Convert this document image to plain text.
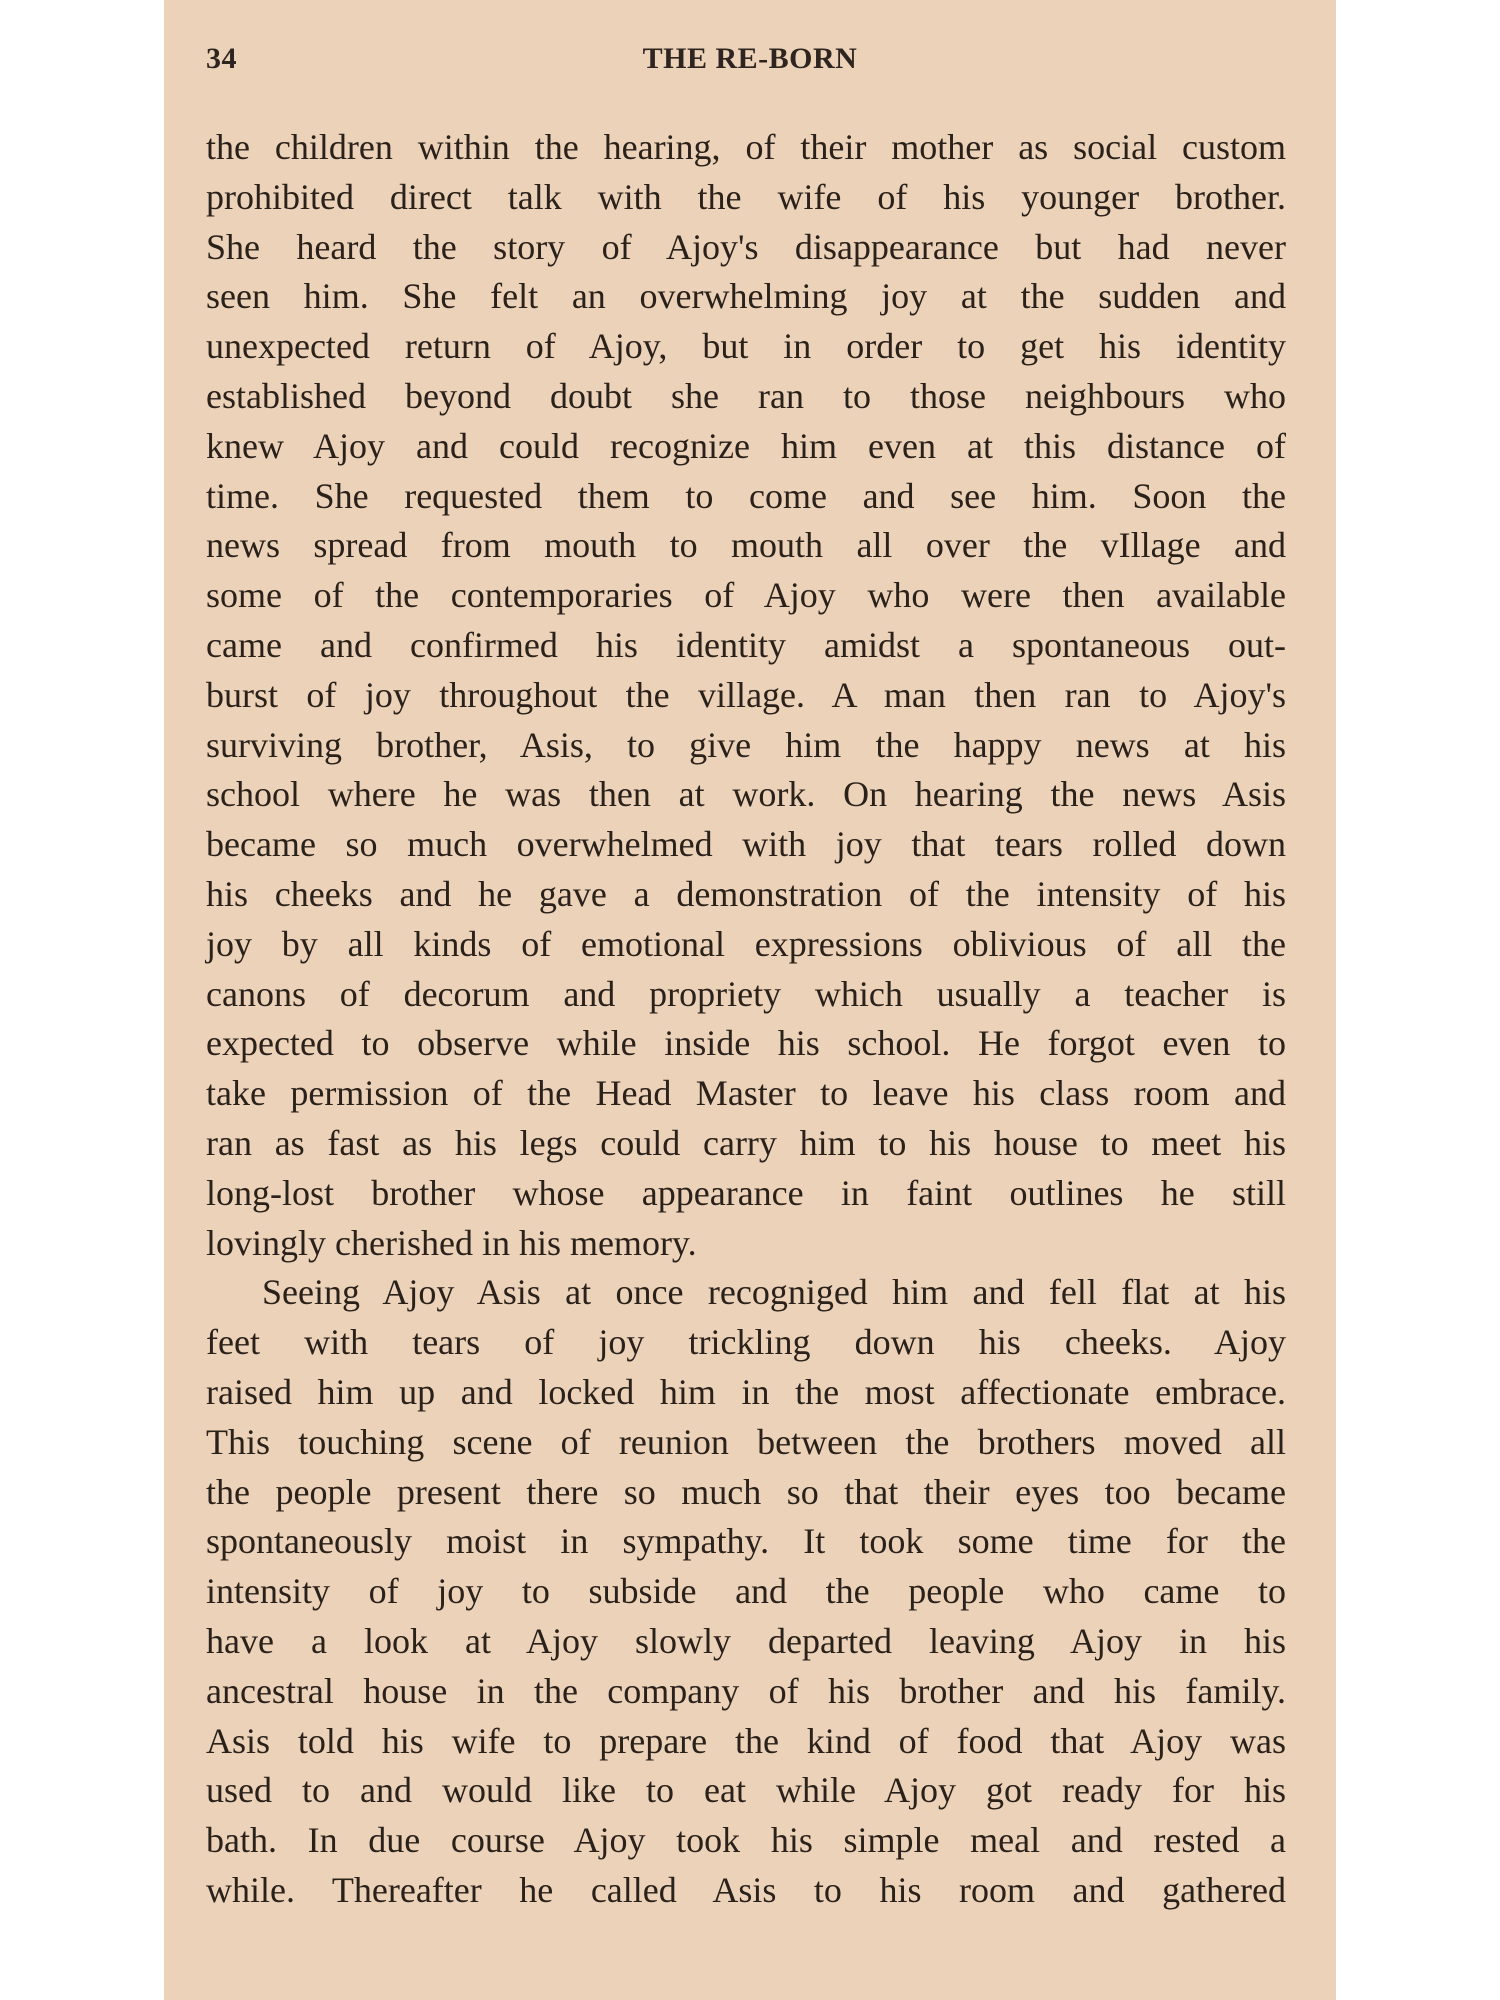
34	THE RE-BORN
the children within the hearing, of their mother as social custom
prohibited direct talk with the wife of his younger brother.
She heard the story of Ajoy's disappearance but had never
seen him. She felt an overwhelming joy at the sudden and
unexpected return of Ajoy, but in order to get his identity
established beyond doubt she ran to those neighbours who
knew Ajoy and could recognize him even at this distance of
time. She requested them to come and see him. Soon the
news spread from mouth to mouth all over the vIllage and
some of the contemporaries of Ajoy who were then available
came and confirmed his identity amidst a spontaneous out-
burst of joy throughout the village. A man then ran to Ajoy's
surviving brother, Asis, to give him the happy news at his
school where he was then at work. On hearing the news Asis
became so much overwhelmed with joy that tears rolled down
his cheeks and he gave a demonstration of the intensity of his
joy by all kinds of emotional expressions oblivious of all the
canons of decorum and propriety which usually a teacher is
expected to observe while inside his school. He forgot even to
take permission of the Head Master to leave his class room and
ran as fast as his legs could carry him to his house to meet his
long-lost brother whose appearance in faint outlines he still
lovingly cherished in his memory.
Seeing Ajoy Asis at once recogniged him and fell flat at his
feet with tears of joy trickling down his cheeks. Ajoy
raised him up and locked him in the most affectionate embrace.
This touching scene of reunion between the brothers moved all
the people present there so much so that their eyes too became
spontaneously moist in sympathy. It took some time for the
intensity of joy to subside and the people who came to
have a look at Ajoy slowly departed leaving Ajoy in his
ancestral house in the company of his brother and his family.
Asis told his wife to prepare the kind of food that Ajoy was
used to and would like to eat while Ajoy got ready for his
bath. In due course Ajoy took his simple meal and rested a
while. Thereafter he called Asis to his room and gathered
